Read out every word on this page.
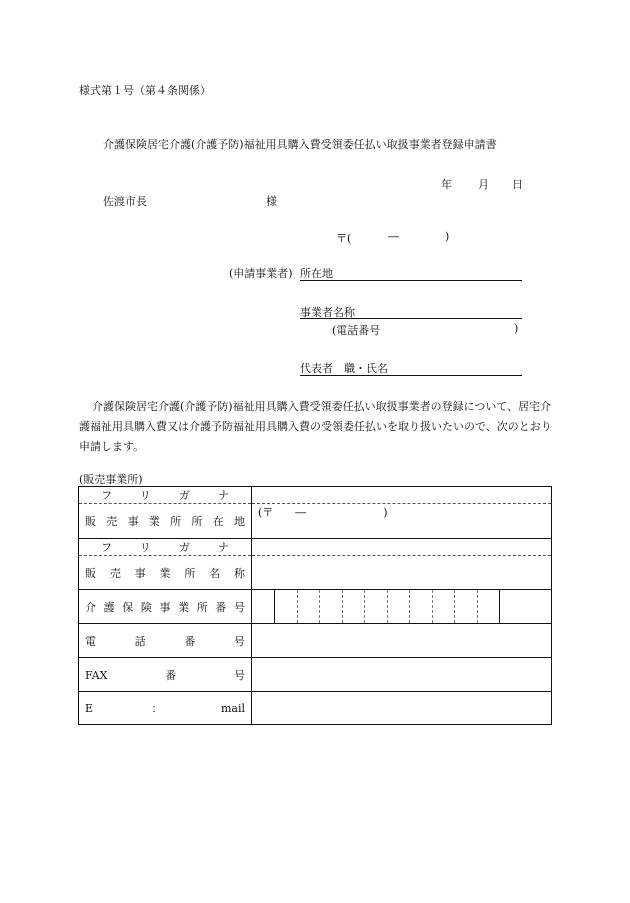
様式第１号（第４条関係）
介護保険居宅介護(介護予防)福祉用具購入費受領委任払い取扱事業者登録申請書
年 月 日
佐渡市長	様
〒(	―	)
(申請事業者) 所在地
事業者名称
(電話番号	)
代表者　職・氏名
介護保険居宅介護(介護予防)福祉用具購入費受領委任払い取扱事業者の登録について、居宅介護福祉用具購入費又は介護予防福祉用具購入費の受領委任払いを取り扱いたいので、次のとおり申請します。
(販売事業所)
フリガナ	
販売事業所所在地	(〒　　―　　　　　　　)

フリガナ	
販売事業所名称	
介護保険事業所番号	

電話番号	
FAX番号	
E：mail	
